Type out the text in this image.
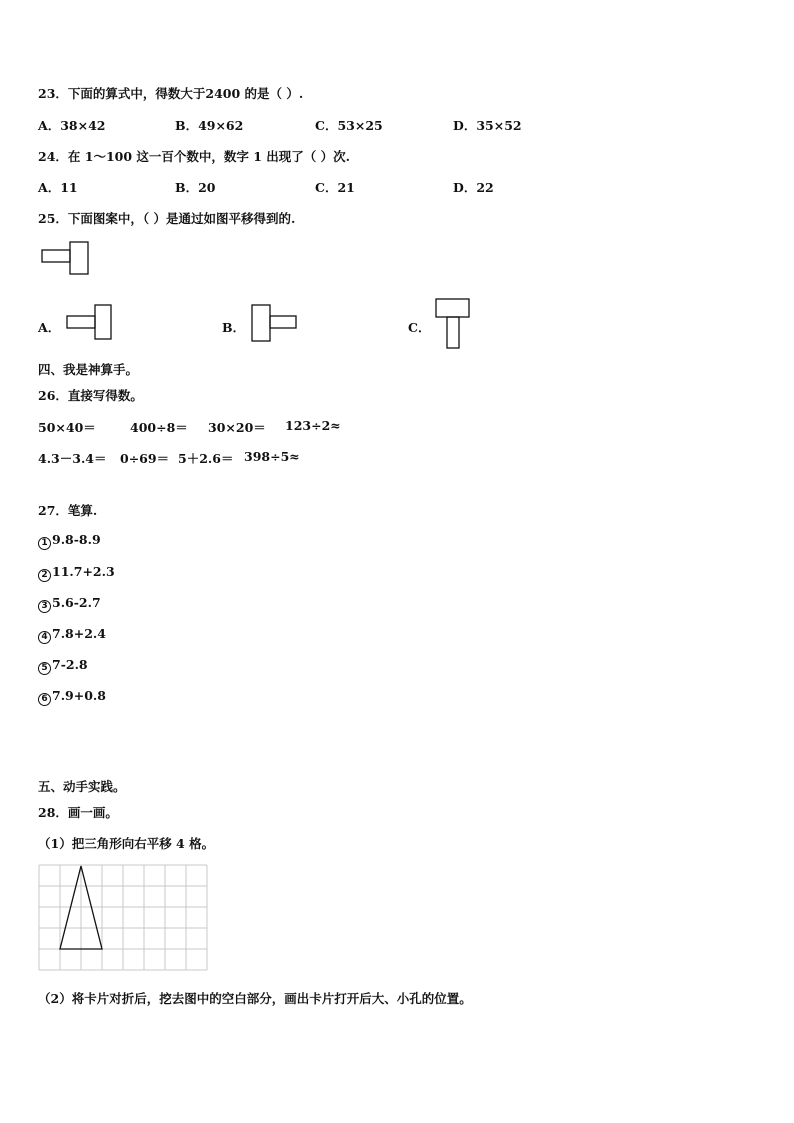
23．下面的算式中，得数大于2400 的是（ ）.
A．38×42	B．49×62	C．53×25	D．35×52
24．在 1～100 这一百个数中，数字 1 出现了（ ）次.
A．11	B．20	C．21	D．22
25．下面图案中，（ ）是通过如图平移得到的.
A．	B．	C．
四、我是神算手。
26．直接写得数。
50×40＝	400÷8＝ 30×20＝ 123÷2≈
4.3－3.4＝ 0÷69＝ 5＋2.6＝ 398÷5≈
27．笔算.
1 9.8-8.9
2 11.7+2.3
3 5.6-2.7
4 7.8+2.4
5 7-2.8
6 7.9+0.8
五、动手实践。
28．画一画。
（1）把三角形向右平移 4 格。
（2）将卡片对折后，挖去图中的空白部分，画出卡片打开后大、小孔的位置。
